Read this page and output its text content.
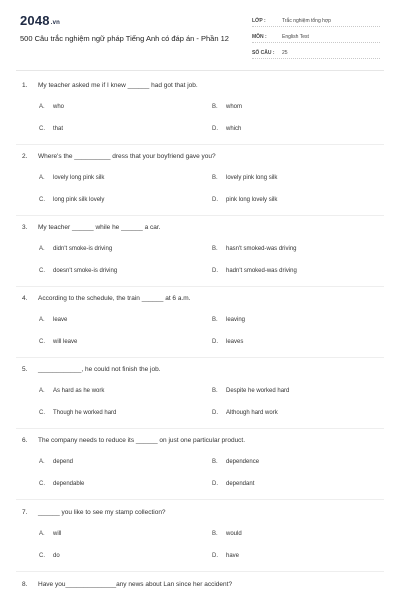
2048.vn
500 Câu trắc nghiệm ngữ pháp Tiếng Anh có đáp án - Phần 12
LỚP :	Trắc nghiệm tổng hợp
MÔN :	English Test
SỐ CÂU :	25
1. My teacher asked me if I knew ______ had got that job.
A. who	B. whom
C. that	D. which
2. Where's the __________ dress that your boyfriend gave you?
A. lovely long pink silk	B. lovely pink long silk
C. long pink silk lovely	D. pink long lovely silk
3. My teacher ______ while he ______ a car.
A. didn't smoke-is driving	B. hasn't smoked-was driving
C. doesn't smoke-is driving	D. hadn't smoked-was driving
4. According to the schedule, the train ______ at 6 a.m.
A. leave	B. leaving
C. will leave	D. leaves
5. ____________, he could not finish the job.
A. As hard as he work	B. Despite he worked hard
C. Though he worked hard	D. Although hard work
6. The company needs to reduce its ______ on just one particular product.
A. depend	B. dependence
C. dependable	D. dependant
7. ______ you like to see my stamp collection?
A. will	B. would
C. do	D. have
8. Have you______________any news about Lan since her accident?
